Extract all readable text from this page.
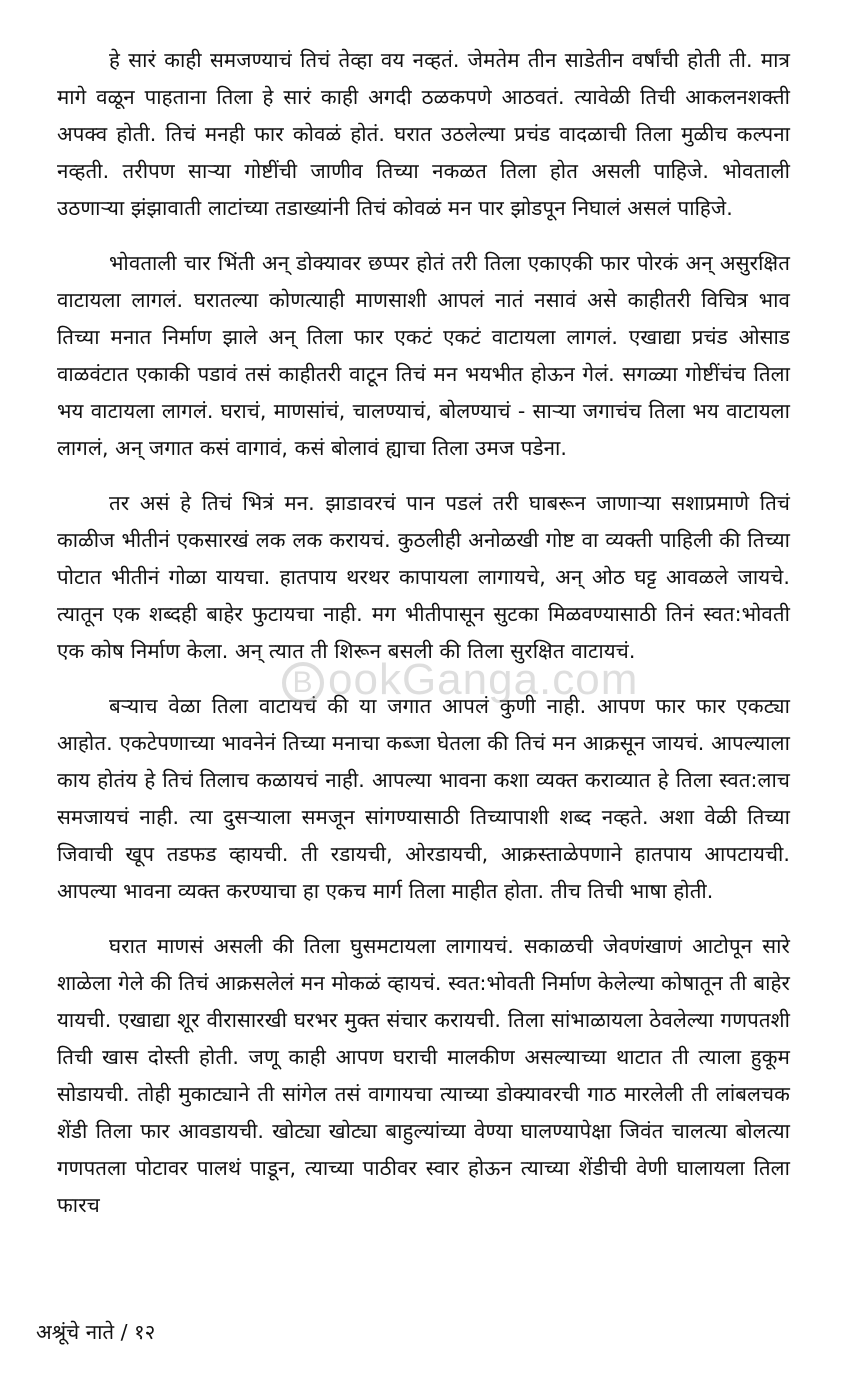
हे सारं काही समजण्याचं तिचं तेव्हा वय नव्हतं. जेमतेम तीन साडेतीन वर्षांची होती ती. मात्र मागे वळून पाहताना तिला हे सारं काही अगदी ठळकपणे आठवतं. त्यावेळी तिची आकलनशक्ती अपक्व होती. तिचं मनही फार कोवळं होतं. घरात उठलेल्या प्रचंड वादळाची तिला मुळीच कल्पना नव्हती. तरीपण साऱ्या गोष्टींची जाणीव तिच्या नकळत तिला होत असली पाहिजे. भोवताली उठणाऱ्या झंझावाती लाटांच्या तडाख्यांनी तिचं कोवळं मन पार झोडपून निघालं असलं पाहिजे.

भोवताली चार भिंती अन् डोक्यावर छप्पर होतं तरी तिला एकाएकी फार पोरकं अन् असुरक्षित वाटायला लागलं. घरातल्या कोणत्याही माणसाशी आपलं नातं नसावं असे काहीतरी विचित्र भाव तिच्या मनात निर्माण झाले अन् तिला फार एकटं एकटं वाटायला लागलं. एखाद्या प्रचंड ओसाड वाळवंटात एकाकी पडावं तसं काहीतरी वाटून तिचं मन भयभीत होऊन गेलं. सगळ्या गोष्टींचंच तिला भय वाटायला लागलं. घराचं, माणसांचं, चालण्याचं, बोलण्याचं - साऱ्या जगाचंच तिला भय वाटायला लागलं, अन् जगात कसं वागावं, कसं बोलावं ह्याचा तिला उमज पडेना.

तर असं हे तिचं भित्रं मन. झाडावरचं पान पडलं तरी घाबरून जाणाऱ्या सशाप्रमाणे तिचं काळीज भीतीनं एकसारखं लक लक करायचं. कुठलीही अनोळखी गोष्ट वा व्यक्ती पाहिली की तिच्या पोटात भीतीनं गोळा यायचा. हातपाय थरथर कापायला लागायचे, अन् ओठ घट्ट आवळले जायचे. त्यातून एक शब्दही बाहेर फुटायचा नाही. मग भीतीपासून सुटका मिळवण्यासाठी तिनं स्वत:भोवती एक कोष निर्माण केला. अन् त्यात ती शिरून बसली की तिला सुरक्षित वाटायचं.

बऱ्याच वेळा तिला वाटायचं की या जगात आपलं कुणी नाही. आपण फार फार एकट्या आहोत. एकटेपणाच्या भावनेनं तिच्या मनाचा कब्जा घेतला की तिचं मन आक्रसून जायचं. आपल्याला काय होतंय हे तिचं तिलाच कळायचं नाही. आपल्या भावना कशा व्यक्त कराव्यात हे तिला स्वत:लाच समजायचं नाही. त्या दुसऱ्याला समजून सांगण्यासाठी तिच्यापाशी शब्द नव्हते. अशा वेळी तिच्या जिवाची खूप तडफड व्हायची. ती रडायची, ओरडायची, आक्रस्ताळेपणाने हातपाय आपटायची. आपल्या भावना व्यक्त करण्याचा हा एकच मार्ग तिला माहीत होता. तीच तिची भाषा होती.

घरात माणसं असली की तिला घुसमटायला लागायचं. सकाळची जेवणंखाणं आटोपून सारे शाळेला गेले की तिचं आक्रसलेलं मन मोकळं व्हायचं. स्वत:भोवती निर्माण केलेल्या कोषातून ती बाहेर यायची. एखाद्या शूर वीरासारखी घरभर मुक्त संचार करायची. तिला सांभाळायला ठेवलेल्या गणपतशी तिची खास दोस्ती होती. जणू काही आपण घराची मालकीण असल्याच्या थाटात ती त्याला हुकूम सोडायची. तोही मुकाट्याने ती सांगेल तसं वागायचा त्याच्या डोक्यावरची गाठ मारलेली ती लांबलचक शेंडी तिला फार आवडायची. खोट्या खोट्या बाहुल्यांच्या वेण्या घालण्यापेक्षा जिवंत चालत्या बोलत्या गणपतला पोटावर पालथं पाडून, त्याच्या पाठीवर स्वार होऊन त्याच्या शेंडीची वेणी घालायला तिला फारच

B ookGanga.com
अश्रूंचे नाते / १२
